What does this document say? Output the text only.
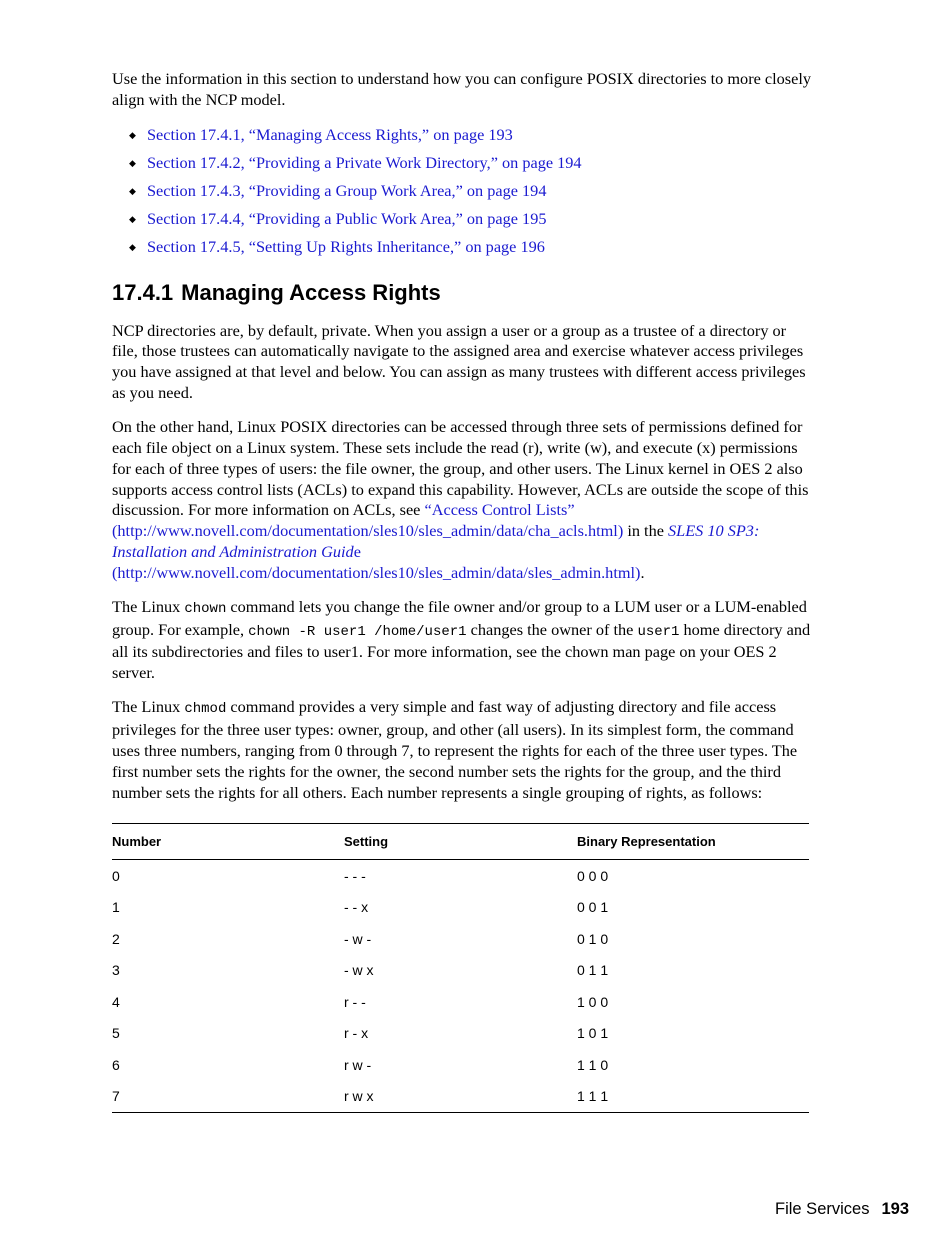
Use the information in this section to understand how you can configure POSIX directories to more closely align with the NCP model.

◆ Section 17.4.1, “Managing Access Rights,” on page 193
◆ Section 17.4.2, “Providing a Private Work Directory,” on page 194
◆ Section 17.4.3, “Providing a Group Work Area,” on page 194
◆ Section 17.4.4, “Providing a Public Work Area,” on page 195
◆ Section 17.4.5, “Setting Up Rights Inheritance,” on page 196
17.4.1 Managing Access Rights

NCP directories are, by default, private. When you assign a user or a group as a trustee of a directory or file, those trustees can automatically navigate to the assigned area and exercise whatever access privileges you have assigned at that level and below. You can assign as many trustees with different access privileges as you need.

On the other hand, Linux POSIX directories can be accessed through three sets of permissions defined for each file object on a Linux system. These sets include the read (r), write (w), and execute (x) permissions for each of three types of users: the file owner, the group, and other users. The Linux kernel in OES 2 also supports access control lists (ACLs) to expand this capability. However, ACLs are outside the scope of this discussion. For more information on ACLs, see “Access Control Lists” (http://www.novell.com/documentation/sles10/sles_admin/data/cha_acls.html) in the SLES 10 SP3: Installation and Administration Guide (http://www.novell.com/documentation/sles10/sles_admin/data/sles_admin.html).

The Linux chown command lets you change the file owner and/or group to a LUM user or a LUM-enabled group. For example, chown -R user1 /home/user1 changes the owner of the user1 home directory and all its subdirectories and files to user1. For more information, see the chown man page on your OES 2 server.

The Linux chmod command provides a very simple and fast way of adjusting directory and file access privileges for the three user types: owner, group, and other (all users). In its simplest form, the command uses three numbers, ranging from 0 through 7, to represent the rights for each of the three user types. The first number sets the rights for the owner, the second number sets the rights for the group, and the third number sets the rights for all others. Each number represents a single grouping of rights, as follows:

Number	Setting	Binary Representation
0	- - -	0 0 0
1	- - x	0 0 1
2	- w -	0 1 0
3	- w x	0 1 1
4	r - -	1 0 0
5	r - x	1 0 1
6	r w -	1 1 0
7	r w x	1 1 1
File Services 193
